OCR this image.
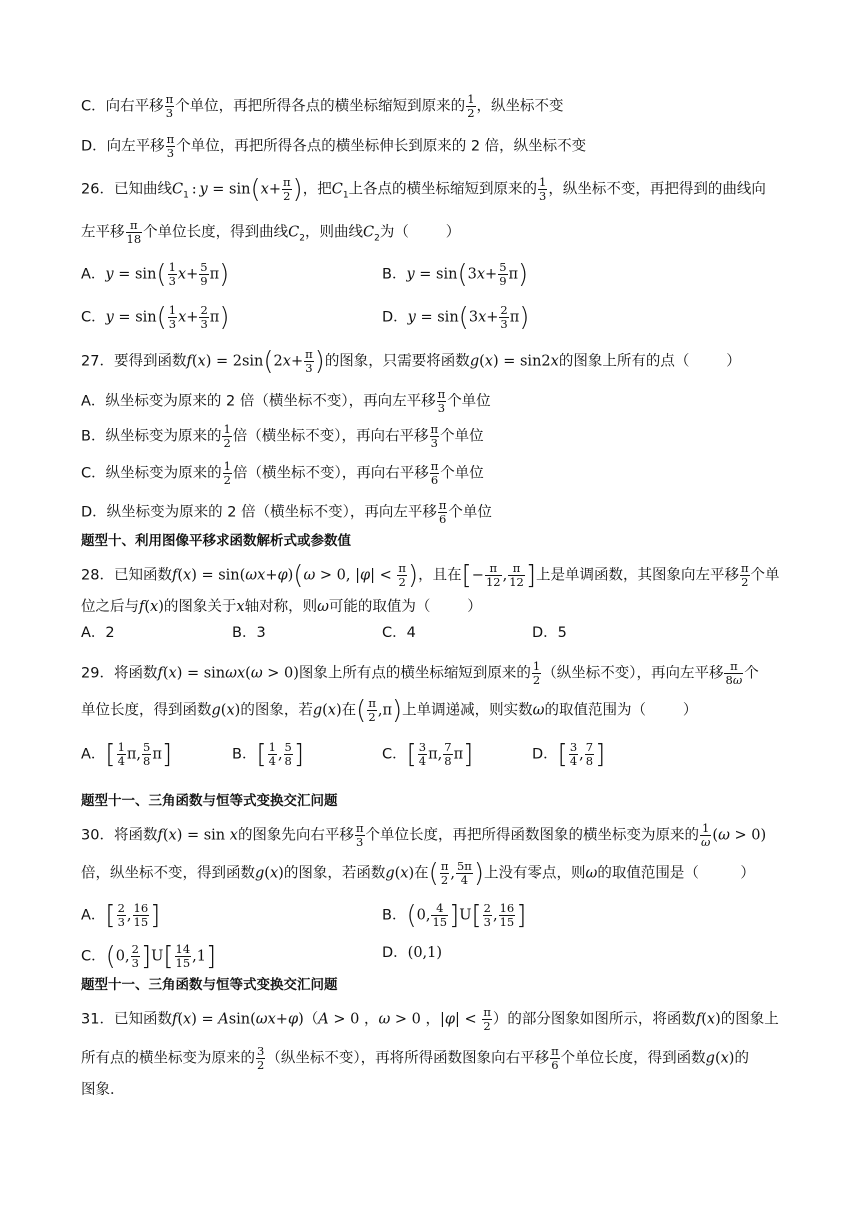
C．向右平移 $\frac{\pi}{3}$ 个单位，再把所得各点的横坐标缩短到原来的 $\frac{1}{2}$ ，纵坐标不变
D．向左平移 $\frac{\pi}{3}$ 个单位，再把所得各点的横坐标伸长到原来的 2 倍，纵坐标不变
26．已知曲线$C_1$ : $y = \sin(x+ \frac{\pi}{2}$ )，把$C_1$上各点的横坐标缩短到原来的 $\frac{1}{3}$ ，纵坐标不变，再把得到的曲线向
左平移 $\frac{\pi}{18}$ 个单位长度，得到曲线$C_2$，则曲线$C_2$为（        ）
A．$y = \sin( \frac{1}{3} x+ \frac{5}{9} \pi)$	B．$y = \sin(3x+ \frac{5}{9} \pi)$
C．$y = \sin( \frac{1}{3} x+ \frac{2}{3} \pi)$	D．$y = \sin(3x+ \frac{2}{3} \pi)$
27．要得到函数$f(x) = 2\sin(2x+ \frac{\pi}{3}$ )的图象，只需要将函数g(x) = sin2x的图象上所有的点（        ）
A．纵坐标变为原来的 2 倍（横坐标不变），再向左平移 $\frac{\pi}{3}$ 个单位
B．纵坐标变为原来的 $\frac{1}{2}$ 倍（横坐标不变），再向右平移 $\frac{\pi}{3}$ 个单位
C．纵坐标变为原来的 $\frac{1}{2}$ 倍（横坐标不变），再向右平移 $\frac{\pi}{6}$ 个单位
D．纵坐标变为原来的 2 倍（横坐标不变），再向左平移 $\frac{\pi}{6}$ 个单位
题型十、利用图像平移求函数解析式或参数值
28．已知函数f(x) = sin(ωx+φ)(ω > 0, $|\varphi| < \frac{\pi}{2}$ )，且在[− $\frac{\pi}{12}$ , $\frac{\pi}{12}$ ]上是单调函数，其图象向左平移 $\frac{\pi}{2}$ 个单
位之后与f(x)的图象关于x轴对称，则ω可能的取值为（        ）
A．2	B．3	C．4	D．5
29．将函数f(x) = sinωx(ω > 0)图象上所有点的横坐标缩短到原来的 $\frac{1}{2}$ （纵坐标不变），再向左平移 $\frac{\pi}{8\omega}$ 个
单位长度，得到函数g(x)的图象，若g(x)在( $\frac{\pi}{2} ,\pi$)上单调递减，则实数ω的取值范围为（        ）
A．[ $\frac{1}{4} \pi$, $\frac{5}{8} \pi$]	B．[ $\frac{1}{4}$ , $\frac{5}{8}$ ]	C．[ $\frac{3}{4} \pi$, $\frac{7}{8} \pi$]	D．[ $\frac{3}{4}$ , $\frac{7}{8}$ ]
题型十一、三角函数与恒等式变换交汇问题
30．将函数f(x) = sin x的图象先向右平移 $\frac{\pi}{3}$ 个单位长度，再把所得函数图象的横坐标变为原来的 $\frac{1}{\omega} (\omega > 0)$
倍，纵坐标不变，得到函数g(x)的图象，若函数g(x)在( $\frac{\pi}{2}$ , $\frac{5\pi}{4}$ )上没有零点，则ω的取值范围是（         ）
A．[ $\frac{2}{3}$ , $\frac{16}{15}$ ]	B．(0, $\frac{4}{15} ]U[ \frac{2}{3}$ , $\frac{16}{15}$ ]
C．(0, $\frac{2}{3} ]U[ \frac{14}{15} ,1]$	D．(0,1)
题型十一、三角函数与恒等式变换交汇问题
31．已知函数f(x) = Asin(ωx+φ)（A > 0 ，ω > 0 ，$|\varphi| < \frac{\pi}{2}$ ）的部分图象如图所示，将函数f(x)的图象上
所有点的横坐标变为原来的 $\frac{3}{2}$ （纵坐标不变），再将所得函数图象向右平移 $\frac{\pi}{6}$ 个单位长度，得到函数g(x)的
图象．
